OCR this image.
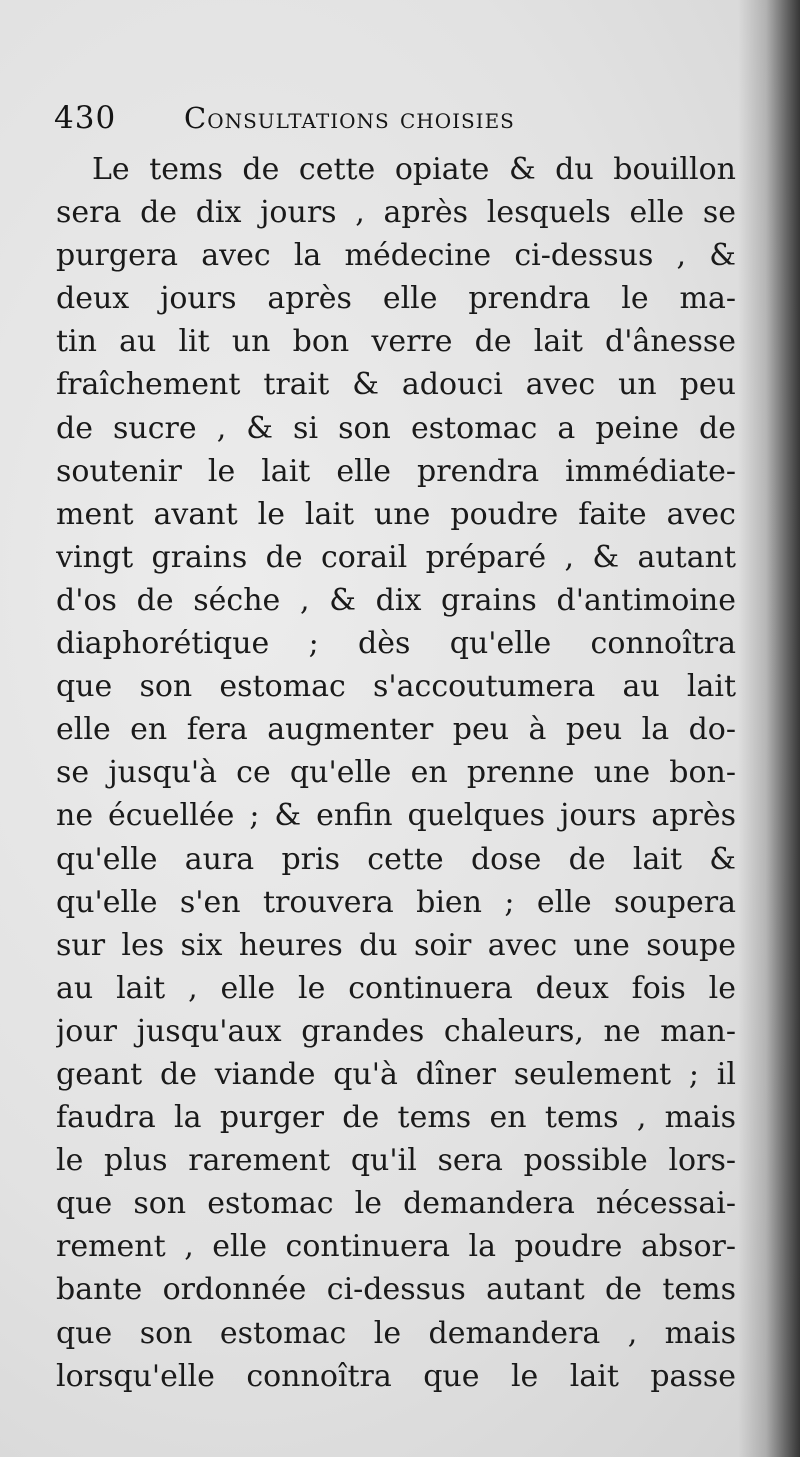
430	Consultations choisies
Le tems de cette opiate & du bouillon
sera de dix jours , après lesquels elle se
purgera avec la médecine ci-dessus , &
deux jours après elle prendra le ma-
tin au lit un bon verre de lait d'ânesse
fraîchement trait & adouci avec un peu
de sucre , & si son estomac a peine de
soutenir le lait elle prendra immédiate-
ment avant le lait une poudre faite avec
vingt grains de corail préparé , & autant
d'os de séche , & dix grains d'antimoine
diaphorétique ; dès qu'elle connoîtra
que son estomac s'accoutumera au lait
elle en fera augmenter peu à peu la do-
se jusqu'à ce qu'elle en prenne une bon-
ne écuellée ; & enfin quelques jours après
qu'elle aura pris cette dose de lait &
qu'elle s'en trouvera bien ; elle soupera
sur les six heures du soir avec une soupe
au lait , elle le continuera deux fois le
jour jusqu'aux grandes chaleurs, ne man-
geant de viande qu'à dîner seulement ; il
faudra la purger de tems en tems , mais
le plus rarement qu'il sera possible lors-
que son estomac le demandera nécessai-
rement , elle continuera la poudre absor-
bante ordonnée ci-dessus autant de tems
que son estomac le demandera , mais
lorsqu'elle connoîtra que le lait passe
